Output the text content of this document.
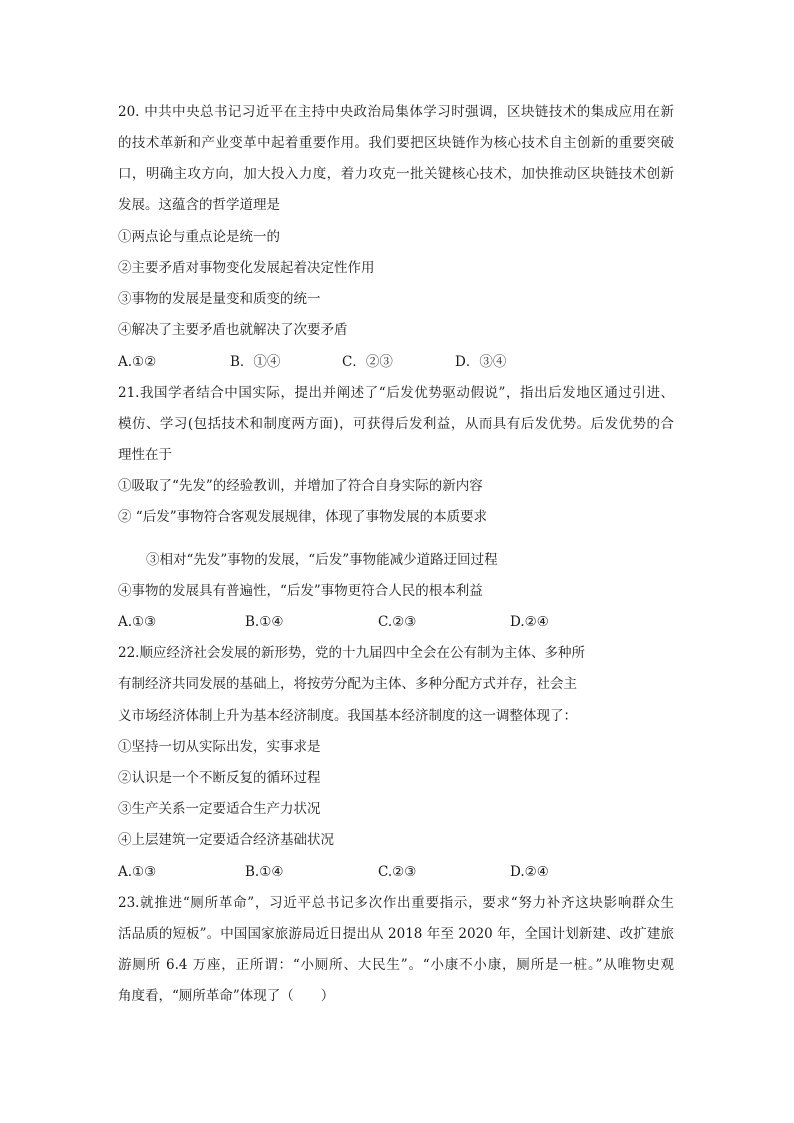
20. 中共中央总书记习近平在主持中央政治局集体学习时强调，区块链技术的集成应用在新
的技术革新和产业变革中起着重要作用。我们要把区块链作为核心技术自主创新的重要突破
口，明确主攻方向，加大投入力度，着力攻克一批关键核心技术，加快推动区块链技术创新
发展。这蕴含的哲学道理是
①两点论与重点论是统一的
②主要矛盾对事物变化发展起着决定性作用
③事物的发展是量变和质变的统一
④解决了主要矛盾也就解决了次要矛盾
A.①②	B．①④	C．②③	D．③④
21.我国学者结合中国实际，提出并阐述了“后发优势驱动假说”，指出后发地区通过引进、
模仿、学习(包括技术和制度两方面)，可获得后发利益，从而具有后发优势。后发优势的合
理性在于
①吸取了“先发”的经验教训，并增加了符合自身实际的新内容
② “后发”事物符合客观发展规律，体现了事物发展的本质要求
③相对“先发”事物的发展，“后发”事物能减少道路迂回过程
④事物的发展具有普遍性，“后发”事物更符合人民的根本利益
A.①③	B.①④	C.②③	D.②④
22.顺应经济社会发展的新形势，党的十九届四中全会在公有制为主体、多种所
有制经济共同发展的基础上，将按劳分配为主体、多种分配方式并存，社会主
义市场经济体制上升为基本经济制度。我国基本经济制度的这一调整体现了：
①坚持一切从实际出发，实事求是
②认识是一个不断反复的循环过程
③生产关系一定要适合生产力状况
④上层建筑一定要适合经济基础状况
A.①③	B.①④	C.②③	D.②④
23.就推进“厕所革命”，习近平总书记多次作出重要指示，要求“努力补齐这块影响群众生
活品质的短板”。中国国家旅游局近日提出从 2018 年至 2020 年，全国计划新建、改扩建旅
游厕所 6.4 万座，正所谓：“小厕所、大民生”。“小康不小康，厕所是一桩。”从唯物史观
角度看，“厕所革命”体现了（　　）
